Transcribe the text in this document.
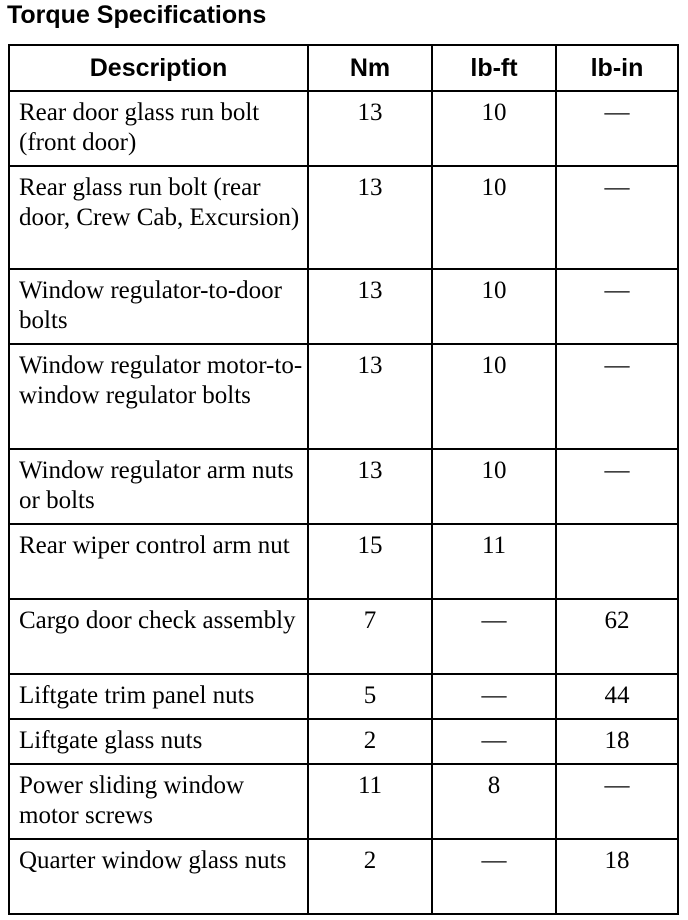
Torque Specifications
Description	Nm	lb-ft	lb-in
Rear door glass run bolt (front door)	13	10	—
Rear glass run bolt (rear door, Crew Cab, Excursion)	13	10	—
Window regulator-to-door bolts	13	10	—
Window regulator motor-to-window regulator bolts	13	10	—
Window regulator arm nuts or bolts	13	10	—
Rear wiper control arm nut	15	11	
Cargo door check assembly	7	—	62
Liftgate trim panel nuts	5	—	44
Liftgate glass nuts	2	—	18
Power sliding window motor screws	11	8	—
Quarter window glass nuts	2	—	18
